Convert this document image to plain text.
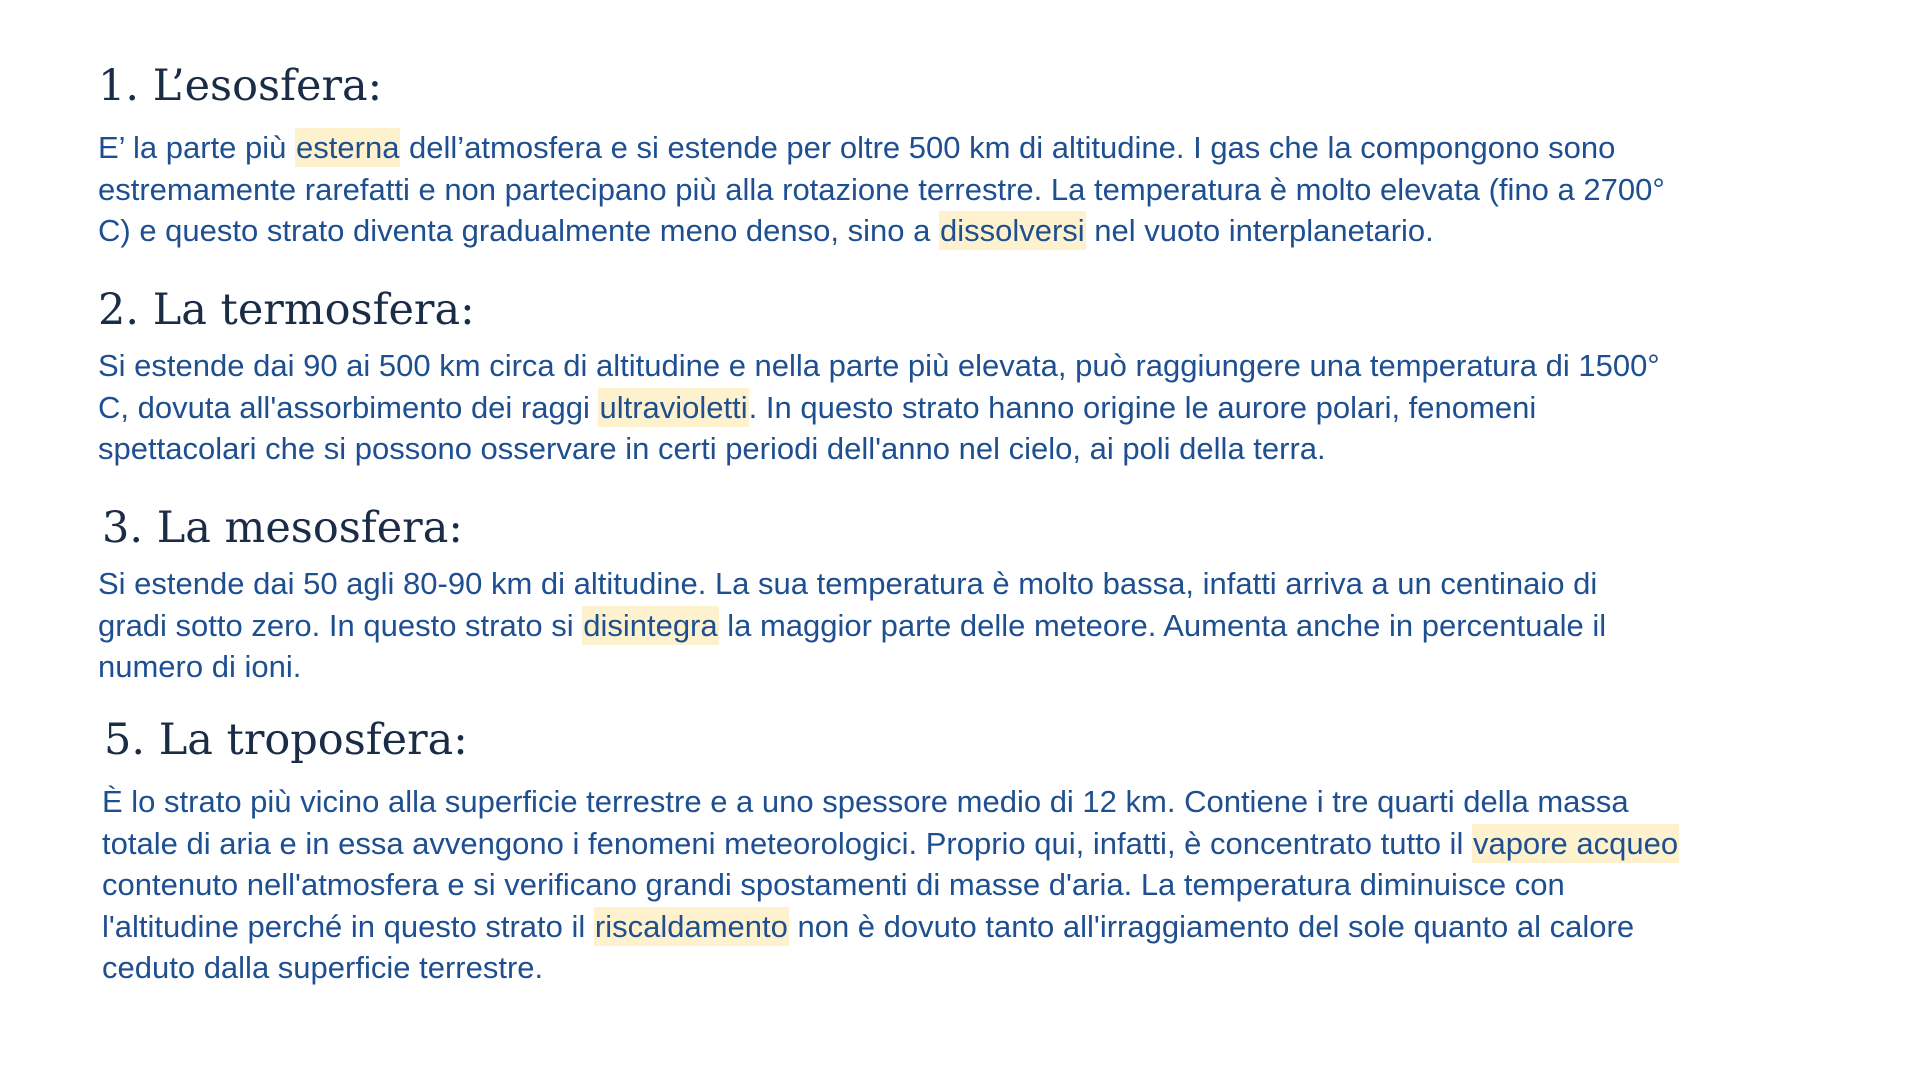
1. L’esosfera:
E’ la parte più esterna dell’atmosfera e si estende per oltre 500 km di altitudine. I gas che la compongono sono
estremamente rarefatti e non partecipano più alla rotazione terrestre. La temperatura è molto elevata (fino a 2700°
C) e questo strato diventa gradualmente meno denso, sino a dissolversi nel vuoto interplanetario.
2. La termosfera:
Si estende dai 90 ai 500 km circa di altitudine e nella parte più elevata, può raggiungere una temperatura di 1500°
C, dovuta all'assorbimento dei raggi ultravioletti. In questo strato hanno origine le aurore polari, fenomeni
spettacolari che si possono osservare in certi periodi dell'anno nel cielo, ai poli della terra.
3. La mesosfera:
Si estende dai 50 agli 80-90 km di altitudine. La sua temperatura è molto bassa, infatti arriva a un centinaio di
gradi sotto zero. In questo strato si disintegra la maggior parte delle meteore. Aumenta anche in percentuale il
numero di ioni.
5. La troposfera:
È lo strato più vicino alla superficie terrestre e a uno spessore medio di 12 km. Contiene i tre quarti della massa
totale di aria e in essa avvengono i fenomeni meteorologici. Proprio qui, infatti, è concentrato tutto il vapore acqueo
contenuto nell'atmosfera e si verificano grandi spostamenti di masse d'aria. La temperatura diminuisce con
l'altitudine perché in questo strato il riscaldamento non è dovuto tanto all'irraggiamento del sole quanto al calore
ceduto dalla superficie terrestre.
